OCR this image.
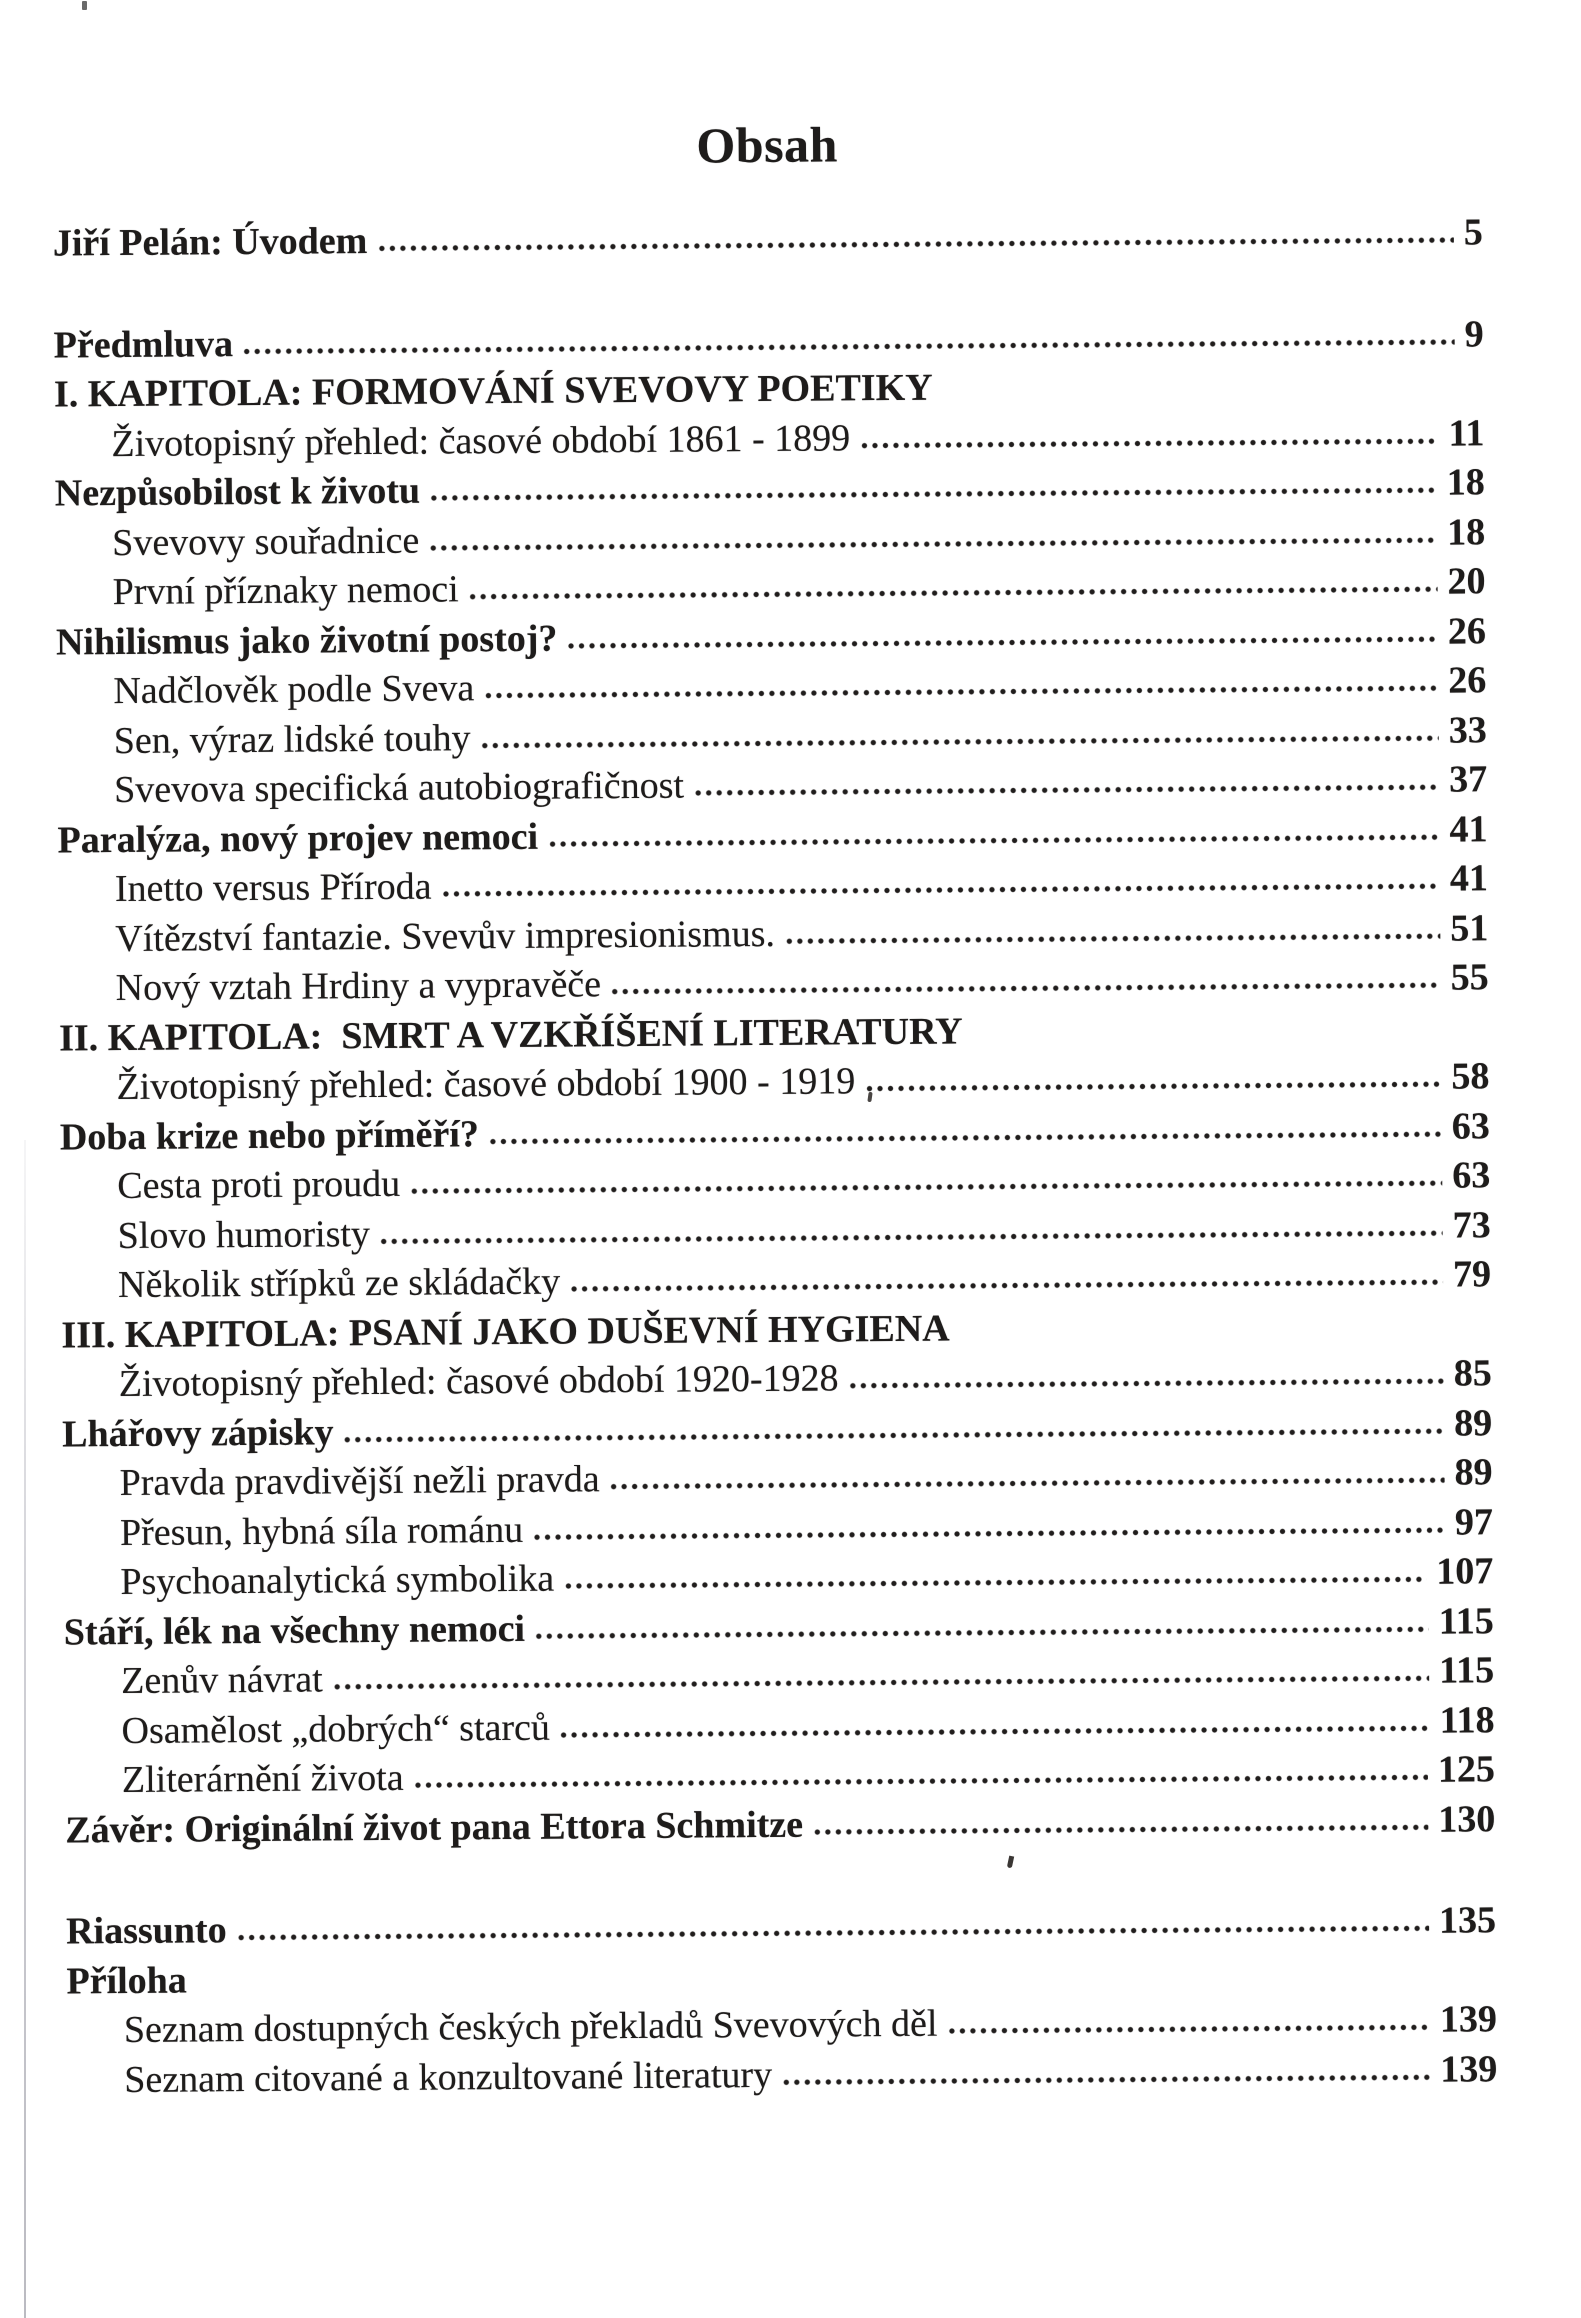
Obsah
Jiří Pelán: Úvodem	5
Předmluva	9
I. KAPITOLA: FORMOVÁNÍ SVEVOVY POETIKY
Životopisný přehled: časové období 1861 - 1899	11
Nezpůsobilost k životu	18
Svevovy souřadnice	18
První příznaky nemoci	20
Nihilismus jako životní postoj?	26
Nadčlověk podle Sveva	26
Sen, výraz lidské touhy	33
Svevova specifická autobiografičnost	37
Paralýza, nový projev nemoci	41
Inetto versus Příroda	41
Vítězství fantazie. Svevův impresionismus.	51
Nový vztah Hrdiny a vypravěče	55
II. KAPITOLA:  SMRT A VZKŘÍŠENÍ LITERATURY
Životopisný přehled: časové období 1900 - 1919	58
Doba krize nebo příměří?	63
Cesta proti proudu	63
Slovo humoristy	73
Několik střípků ze skládačky	79
III. KAPITOLA: PSANÍ JAKO DUŠEVNÍ HYGIENA
Životopisný přehled: časové období 1920-1928	85
Lhářovy zápisky	89
Pravda pravdivější nežli pravda	89
Přesun, hybná síla románu	97
Psychoanalytická symbolika	107
Stáří, lék na všechny nemoci	115
Zenův návrat	115
Osamělost „dobrých“ starců	118
Zliterárnění života	125
Závěr: Originální život pana Ettora Schmitze	130
Riassunto	135
Příloha
Seznam dostupných českých překladů Svevových děl	139
Seznam citované a konzultované literatury	139
